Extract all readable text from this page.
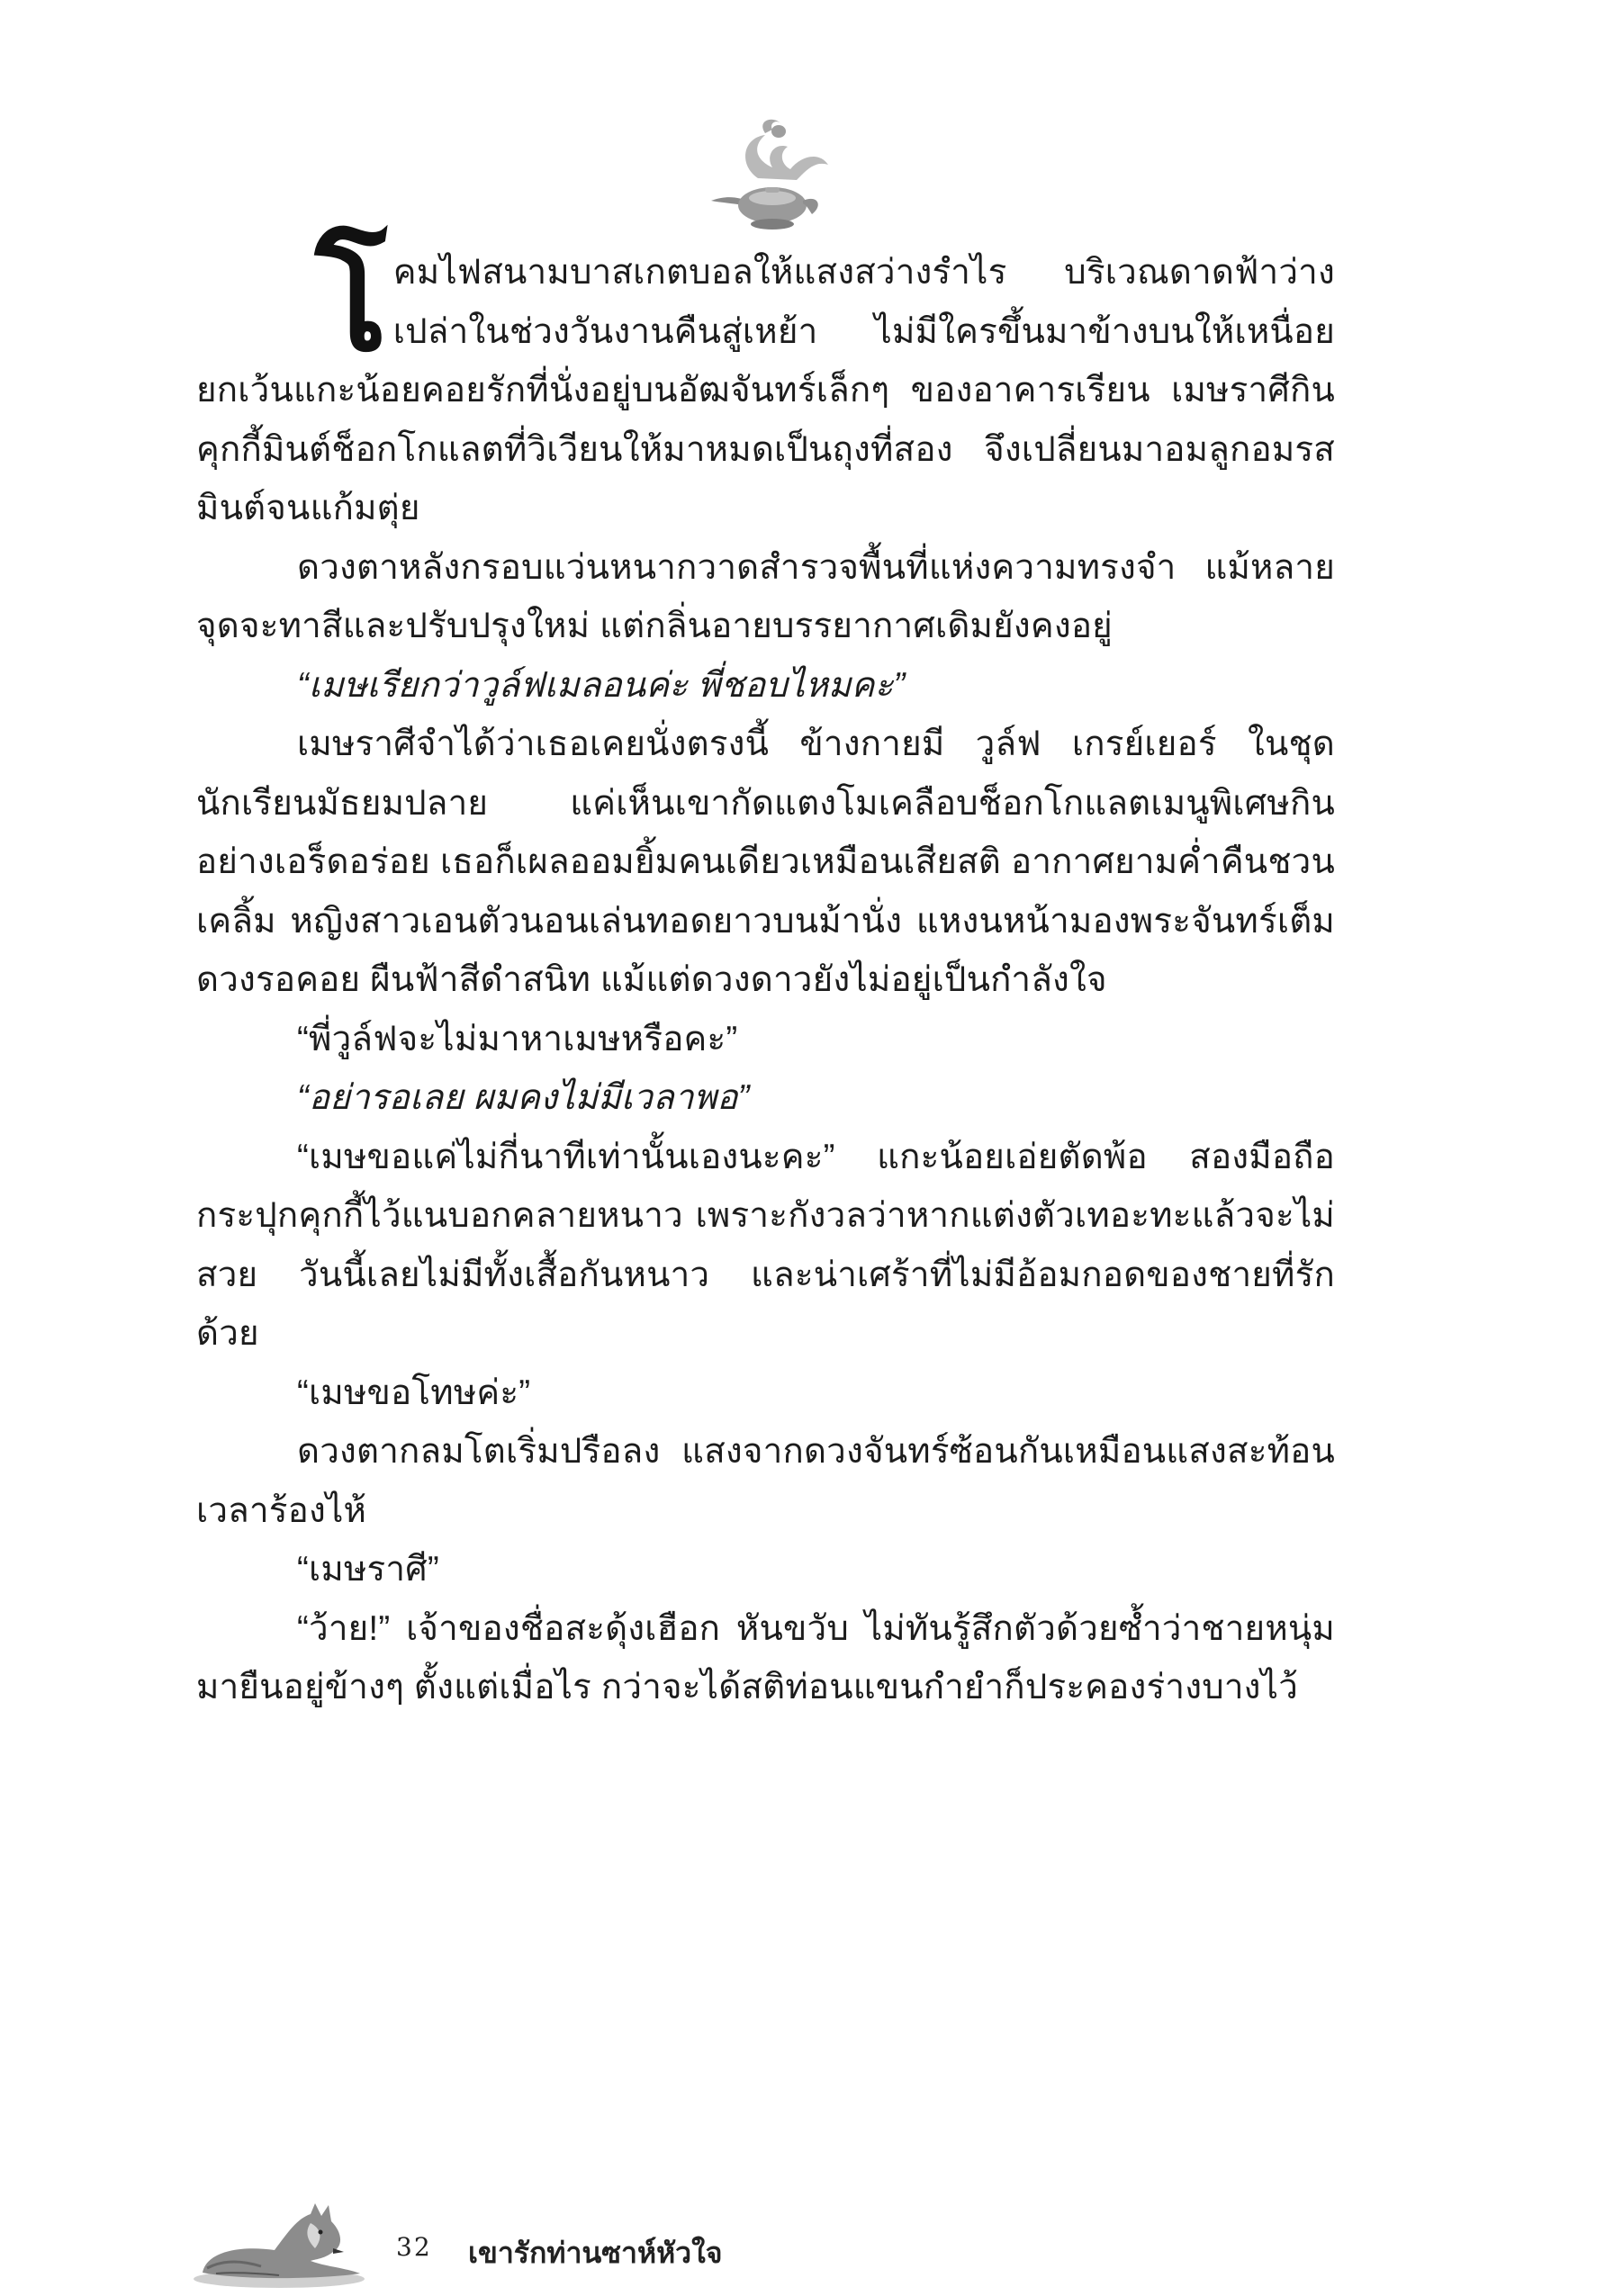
โคมไฟสนามบาสเกตบอลให้แสงสว่างรำไร บริเวณดาดฟ้าว่างเปล่าในช่วงวันงานคืนสู่เหย้า ไม่มีใครขึ้นมาข้างบนให้เหนื่อย ยกเว้นแกะน้อยคอยรักที่นั่งอยู่บนอัฒจันทร์เล็กๆ ของอาคารเรียน เมษราศีกินคุกกี้มินต์ช็อกโกแลตที่วิเวียนให้มาหมดเป็นถุงที่สอง จึงเปลี่ยนมาอมลูกอมรสมินต์จนแก้มตุ่ย

ดวงตาหลังกรอบแว่นหนากวาดสำรวจพื้นที่แห่งความทรงจำ แม้หลายจุดจะทาสีและปรับปรุงใหม่ แต่กลิ่นอายบรรยากาศเดิมยังคงอยู่

“เมษเรียกว่าวูล์ฟเมลอนค่ะ พี่ชอบไหมคะ”

เมษราศีจำได้ว่าเธอเคยนั่งตรงนี้ ข้างกายมี วูล์ฟ เกรย์เยอร์ ในชุดนักเรียนมัธยมปลาย แค่เห็นเขากัดแตงโมเคลือบช็อกโกแลตเมนูพิเศษกินอย่างเอร็ดอร่อย เธอก็เผลออมยิ้มคนเดียวเหมือนเสียสติ อากาศยามค่ำคืนชวนเคลิ้ม หญิงสาวเอนตัวนอนเล่นทอดยาวบนม้านั่ง แหงนหน้ามองพระจันทร์เต็มดวงรอคอย ผืนฟ้าสีดำสนิท แม้แต่ดวงดาวยังไม่อยู่เป็นกำลังใจ

“พี่วูล์ฟจะไม่มาหาเมษหรือคะ”

“อย่ารอเลย ผมคงไม่มีเวลาพอ”

“เมษขอแค่ไม่กี่นาทีเท่านั้นเองนะคะ” แกะน้อยเอ่ยตัดพ้อ สองมือถือกระปุกคุกกี้ไว้แนบอกคลายหนาว เพราะกังวลว่าหากแต่งตัวเทอะทะแล้วจะไม่สวย วันนี้เลยไม่มีทั้งเสื้อกันหนาว และน่าเศร้าที่ไม่มีอ้อมกอดของชายที่รักด้วย

“เมษขอโทษค่ะ”

ดวงตากลมโตเริ่มปรือลง แสงจากดวงจันทร์ซ้อนกันเหมือนแสงสะท้อนเวลาร้องไห้

“เมษราศี”

“ว้าย!” เจ้าของชื่อสะดุ้งเฮือก หันขวับ ไม่ทันรู้สึกตัวด้วยซ้ำว่าชายหนุ่มมายืนอยู่ข้างๆ ตั้งแต่เมื่อไร กว่าจะได้สติท่อนแขนกำยำก็ประคองร่างบางไว้

32 เขารักท่านซาห์หัวใจ
